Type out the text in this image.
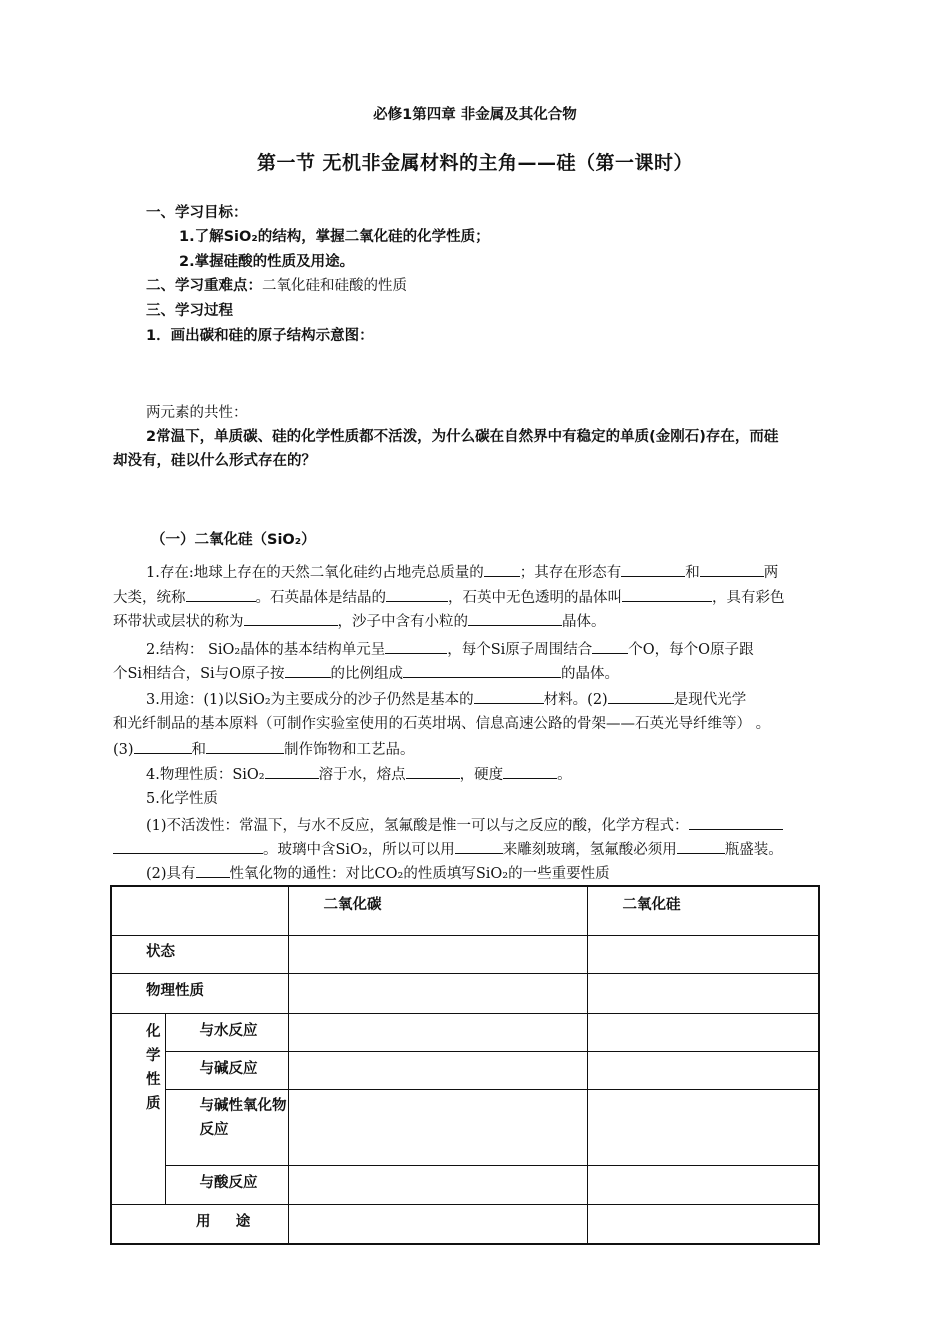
必修1第四章 非金属及其化合物
第一节 无机非金属材料的主角——硅（第一课时）
一、学习目标：
1.了解SiO₂的结构，掌握二氧化硅的化学性质；
2.掌握硅酸的性质及用途。
二、学习重难点：二氧化硅和硅酸的性质
三、学习过程
1．画出碳和硅的原子结构示意图：
两元素的共性：
2常温下，单质碳、硅的化学性质都不活泼，为什么碳在自然界中有稳定的单质(金刚石)存在，而硅
却没有，硅以什么形式存在的？
（一）二氧化硅（SiO₂）
1.存在:地球上存在的天然二氧化硅约占地壳总质量的 ；其存在形态有	和	两
大类，统称	。石英晶体是结晶的	，石英中无色透明的晶体叫	，具有彩色
环带状或层状的称为	，沙子中含有小粒的	晶体。
2.结构： SiO₂晶体的基本结构单元呈	，每个Si原子周围结合 个O，每个O原子跟
个Si相结合，Si与O原子按	的比例组成	的晶体。
3.用途：(1)以SiO₂为主要成分的沙子仍然是基本的	材料。(2)	是现代光学
和光纤制品的基本原料（可制作实验室使用的石英坩埚、信息高速公路的骨架——石英光导纤维等） 。
(3)	和	制作饰物和工艺品。
4.物理性质：SiO₂	溶于水，熔点	，硬度	。
5.化学性质
(1)不活泼性：常温下，与水不反应，氢氟酸是惟一可以与之反应的酸，化学方程式：
。玻璃中含SiO₂，所以可以用	来雕刻玻璃，氢氟酸必须用	瓶盛装。
(2)具有 性氧化物的通性：对比CO₂的性质填写SiO₂的一些重要性质

		二氧化碳	二氧化硅

状态			

物理性质			

化学性质	与水反应		

	与碱反应		

	与碱性氧化物反应		

	与酸反应		

用     途			
